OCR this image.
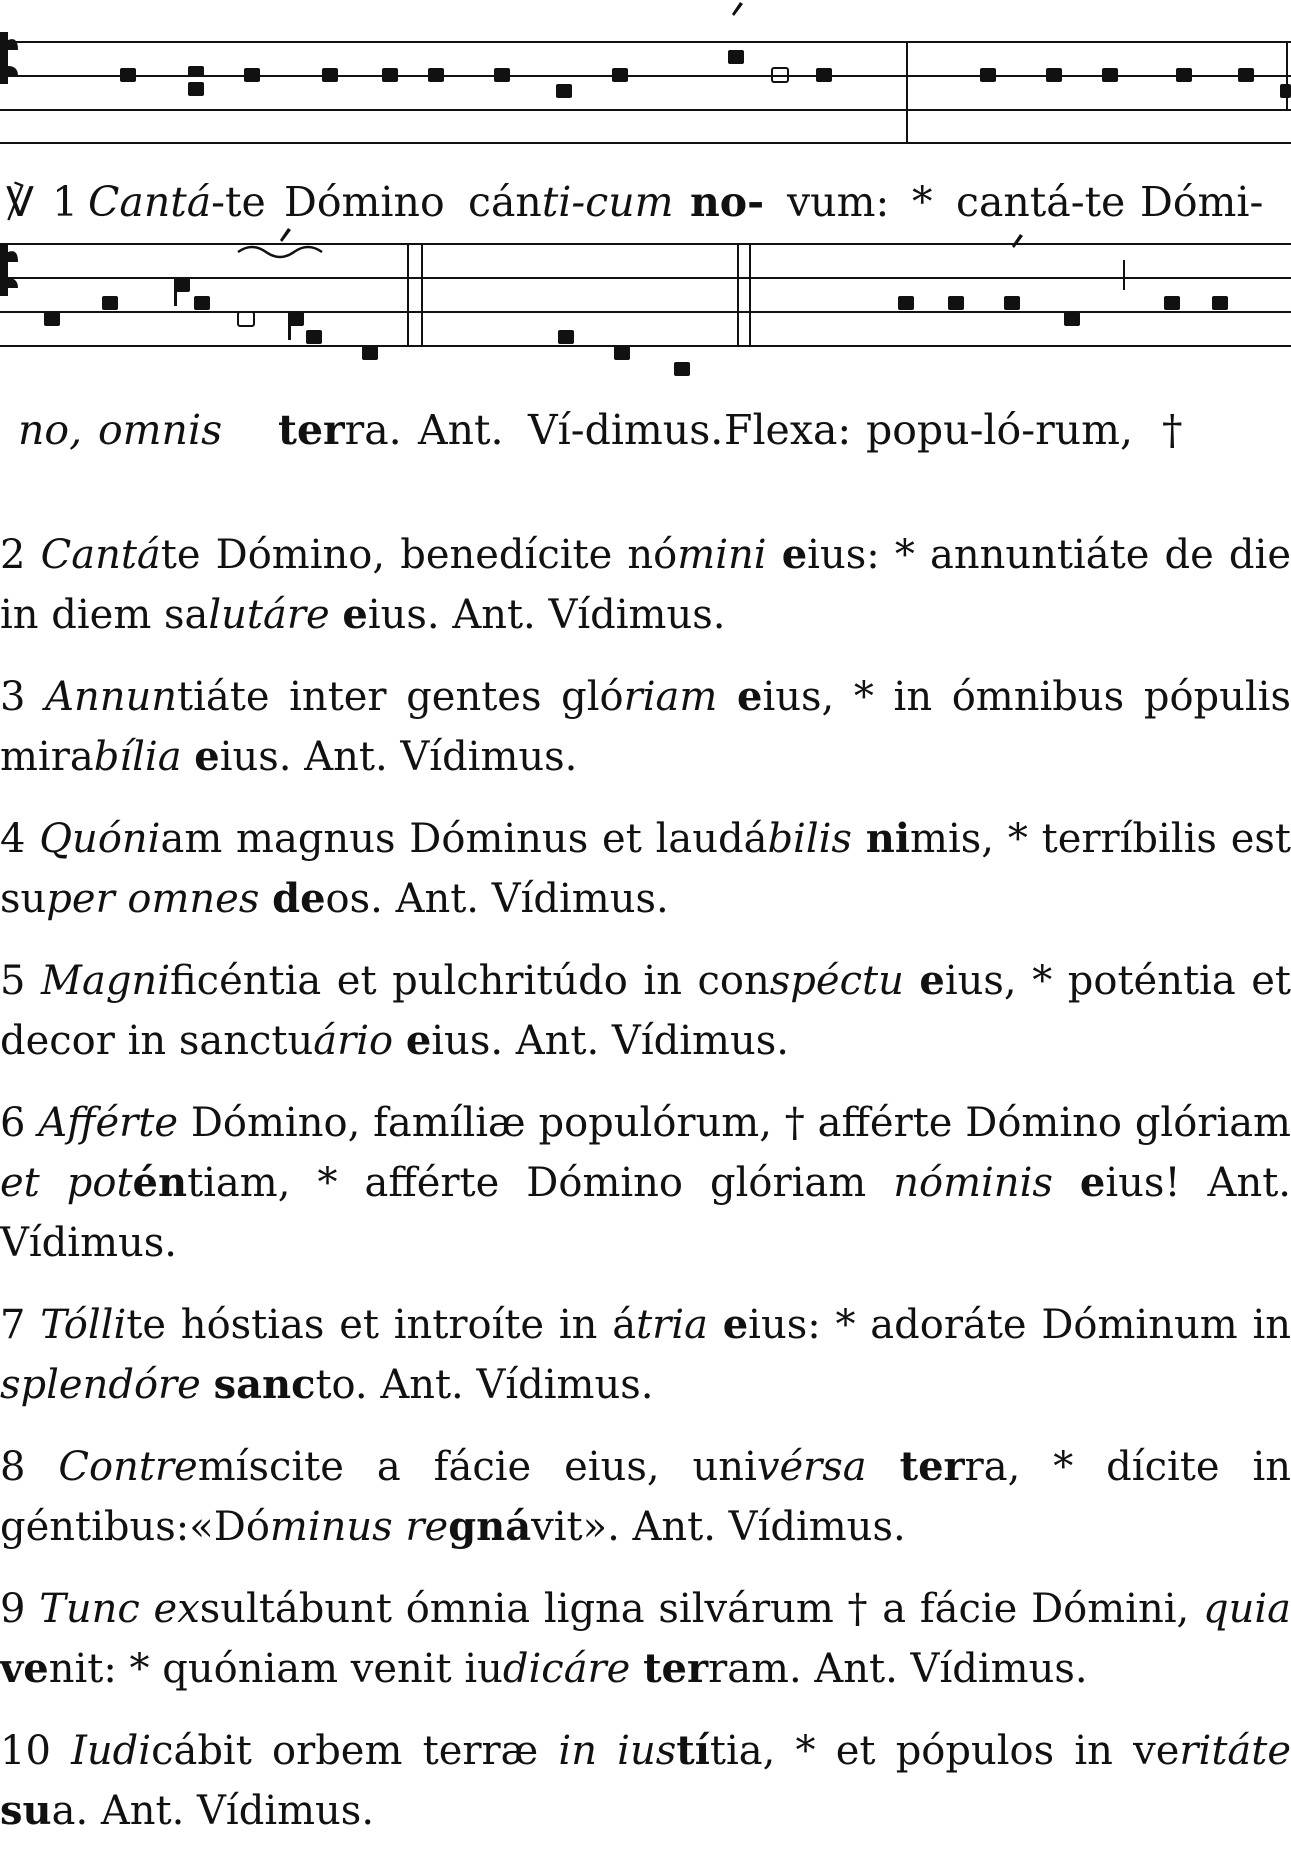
℣ 1 Cantá-te Dómino cánti-cum no- vum: * cantá-te Dómi-
no, omnis terra. Ant. Ví-dimus. Flexa: popu-ló-rum, †

2 Cantáte Dómino, benedícite nómini eius: * annuntiáte de die in diem salutáre eius. Ant. Vídimus.

3 Annuntiáte inter gentes glóriam eius, * in ómnibus pópulis mirabília eius. Ant. Vídimus.

4 Quóniam magnus Dóminus et laudábilis nimis, * terríbilis est super omnes deos. Ant. Vídimus.

5 Magnificéntia et pulchritúdo in conspéctu eius, * poténtia et decor in sanctuário eius. Ant. Vídimus.

6 Afférte Dómino, famíliæ populórum, † afférte Dómino glóriam et poténtiam, * afférte Dómino glóriam nóminis eius! Ant. Vídimus.

7 Tóllite hóstias et introíte in átria eius: * adoráte Dóminum in splendóre sancto. Ant. Vídimus.

8 Contremíscite a fácie eius, univérsa terra, * dícite in géntibus:«Dóminus regnávit». Ant. Vídimus.

9 Tunc exsultábunt ómnia ligna silvárum † a fácie Dómini, quia venit: * quóniam venit iudicáre terram. Ant. Vídimus.

10 Iudicábit orbem terræ in iustítia, * et pópulos in veritáte sua. Ant. Vídimus.
